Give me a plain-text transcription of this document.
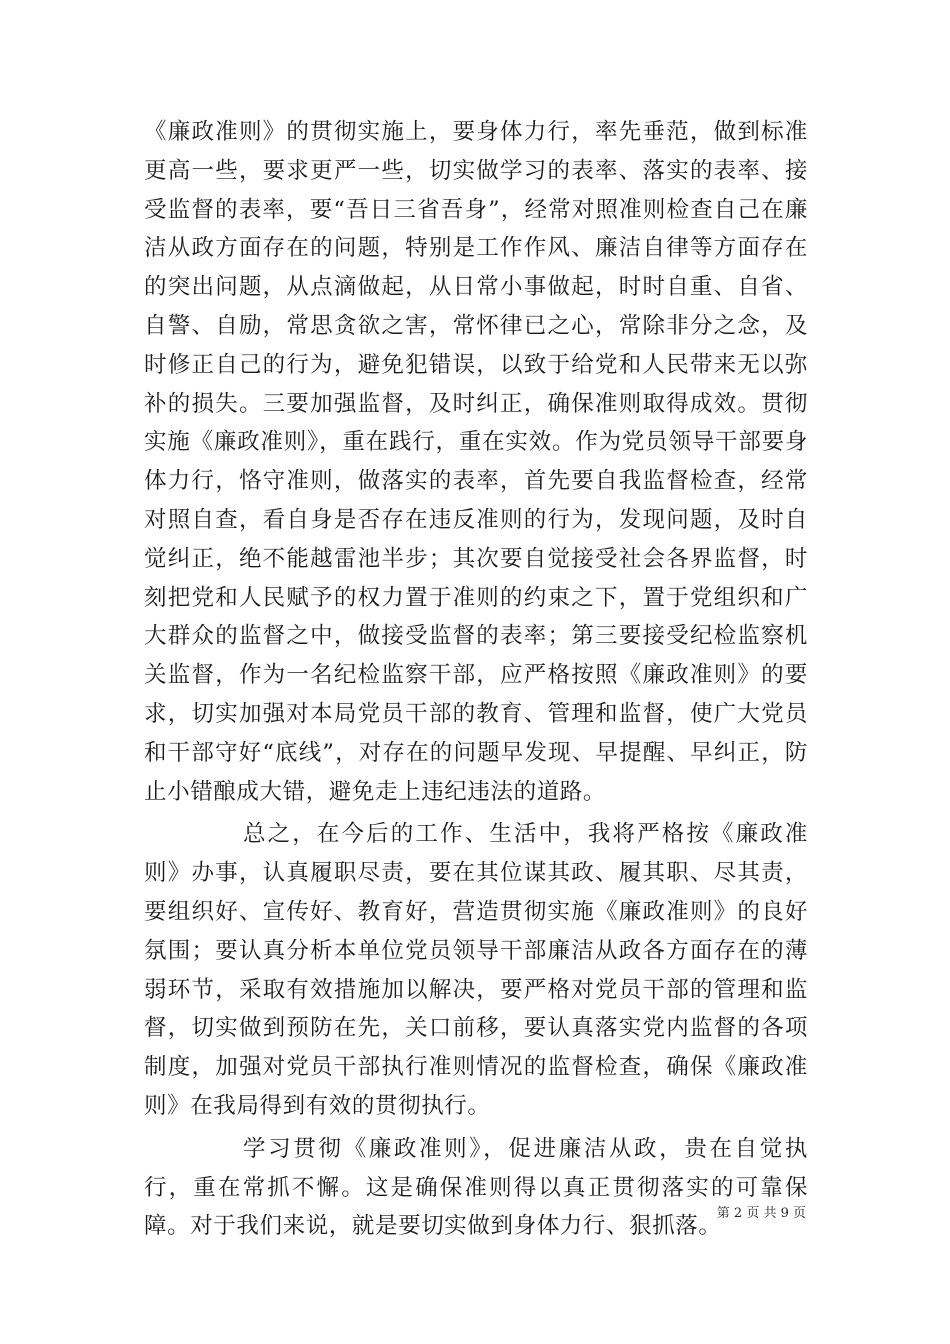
《廉政准则》的贯彻实施上，要身体力行，率先垂范，做到标准更高一些，要求更严一些，切实做学习的表率、落实的表率、接受监督的表率，要“吾日三省吾身”，经常对照准则检查自己在廉洁从政方面存在的问题，特别是工作作风、廉洁自律等方面存在的突出问题，从点滴做起，从日常小事做起，时时自重、自省、自警、自励，常思贪欲之害，常怀律已之心，常除非分之念，及时修正自己的行为，避免犯错误，以致于给党和人民带来无以弥补的损失。三要加强监督，及时纠正，确保准则取得成效。贯彻实施《廉政准则》，重在践行，重在实效。作为党员领导干部要身体力行，恪守准则，做落实的表率，首先要自我监督检查，经常对照自查，看自身是否存在违反准则的行为，发现问题，及时自觉纠正，绝不能越雷池半步；其次要自觉接受社会各界监督，时刻把党和人民赋予的权力置于准则的约束之下，置于党组织和广大群众的监督之中，做接受监督的表率；第三要接受纪检监察机关监督，作为一名纪检监察干部，应严格按照《廉政准则》的要求，切实加强对本局党员干部的教育、管理和监督，使广大党员和干部守好“底线”，对存在的问题早发现、早提醒、早纠正，防止小错酿成大错，避免走上违纪违法的道路。

总之，在今后的工作、生活中，我将严格按《廉政准则》办事，认真履职尽责，要在其位谋其政、履其职、尽其责，要组织好、宣传好、教育好，营造贯彻实施《廉政准则》的良好氛围；要认真分析本单位党员领导干部廉洁从政各方面存在的薄弱环节，采取有效措施加以解决，要严格对党员干部的管理和监督，切实做到预防在先，关口前移，要认真落实党内监督的各项制度，加强对党员干部执行准则情况的监督检查，确保《廉政准则》在我局得到有效的贯彻执行。

学习贯彻《廉政准则》，促进廉洁从政，贵在自觉执行，重在常抓不懈。这是确保准则得以真正贯彻落实的可靠保障。对于我们来说，就是要切实做到身体力行、狠抓落。

第 2 页 共 9 页
